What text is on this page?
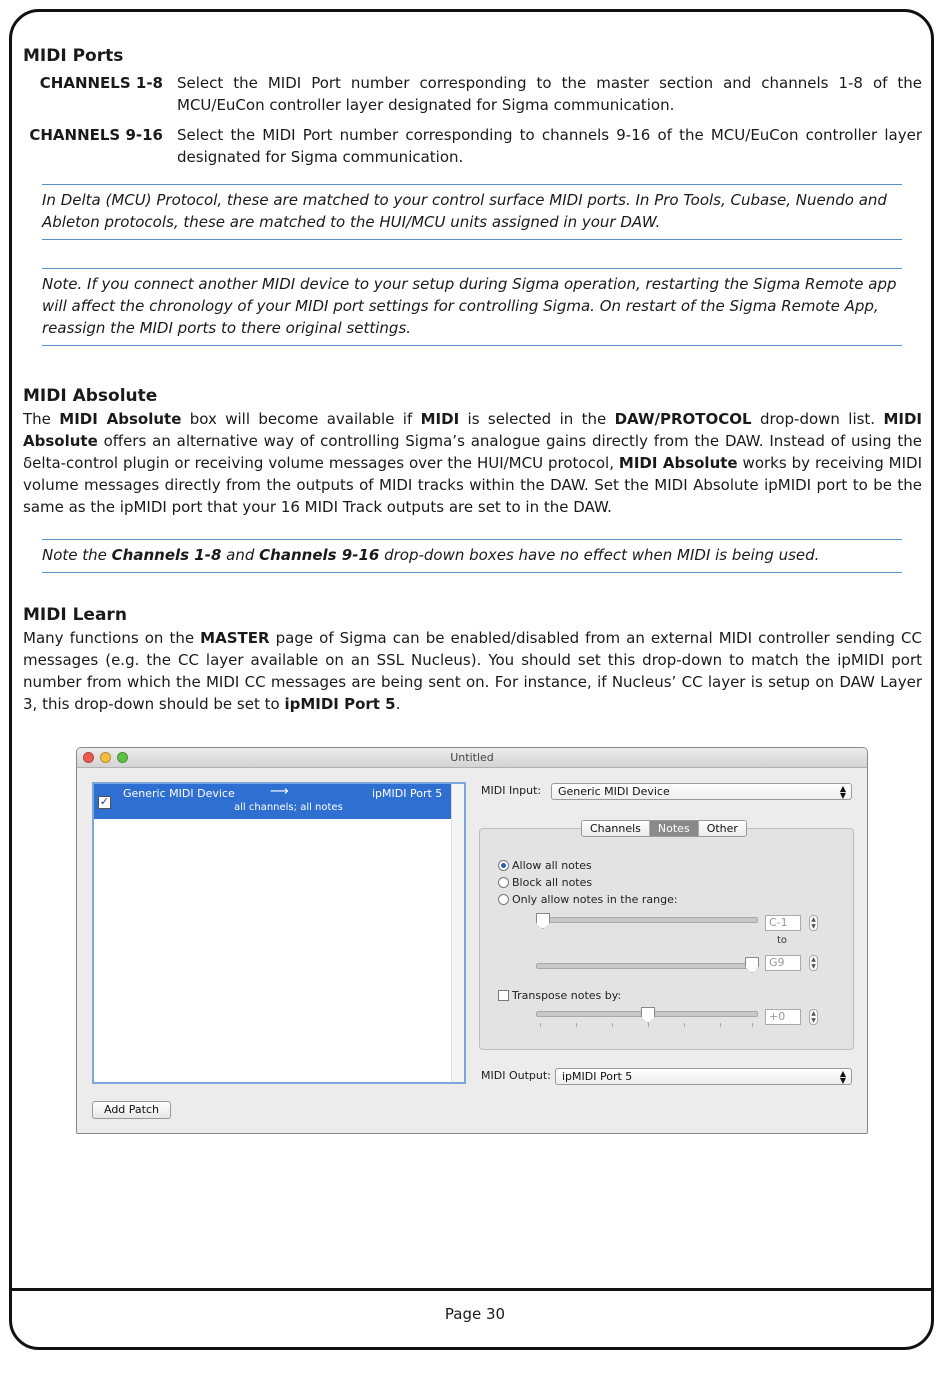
Page 30
MIDI Ports
CHANNELS 1-8 Select the MIDI Port number corresponding to the master section and channels 1-8 of the MCU/EuCon controller layer designated for Sigma communication.
CHANNELS 9-16 Select the MIDI Port number corresponding to channels 9-16 of the MCU/EuCon controller layer designated for Sigma communication.
In Delta (MCU) Protocol, these are matched to your control surface MIDI ports. In Pro Tools, Cubase, Nuendo and Ableton protocols, these are matched to the HUI/MCU units assigned in your DAW.
Note. If you connect another MIDI device to your setup during Sigma operation, restarting the Sigma Remote app will affect the chronology of your MIDI port settings for controlling Sigma. On restart of the Sigma Remote App, reassign the MIDI ports to there original settings.
MIDI Absolute

The MIDI Absolute box will become available if MIDI is selected in the DAW/PROTOCOL drop-down list. MIDI Absolute offers an alternative way of controlling Sigma’s analogue gains directly from the DAW. Instead of using the δelta-control plugin or receiving volume messages over the HUI/MCU protocol, MIDI Absolute works by receiving MIDI volume messages directly from the outputs of MIDI tracks within the DAW. Set the MIDI Absolute ipMIDI port to be the same as the ipMIDI port that your 16 MIDI Track outputs are set to in the DAW.

Note the Channels 1-8 and Channels 9-16 drop-down boxes have no effect when MIDI is being used.
MIDI Learn

Many functions on the MASTER page of Sigma can be enabled/disabled from an external MIDI controller sending CC messages (e.g. the CC layer available on an SSL Nucleus). You should set this drop-down to match the ipMIDI port number from which the MIDI CC messages are being sent on. For instance, if Nucleus’ CC layer is setup on DAW Layer 3, this drop-down should be set to ipMIDI Port 5.

Untitled
✓
Generic MIDI Device	⟶	ipMIDI Port 5
all channels; all notes
Add Patch
MIDI Input:	Generic MIDI Device	▲
▼
Channels	Notes	Other
Allow all notes
Block all notes
Only allow notes in the range:
C-1	▲
▼
to
G9	▲
▼
Transpose notes by:
+0	▲
▼
MIDI Output:	ipMIDI Port 5	▲
▼
